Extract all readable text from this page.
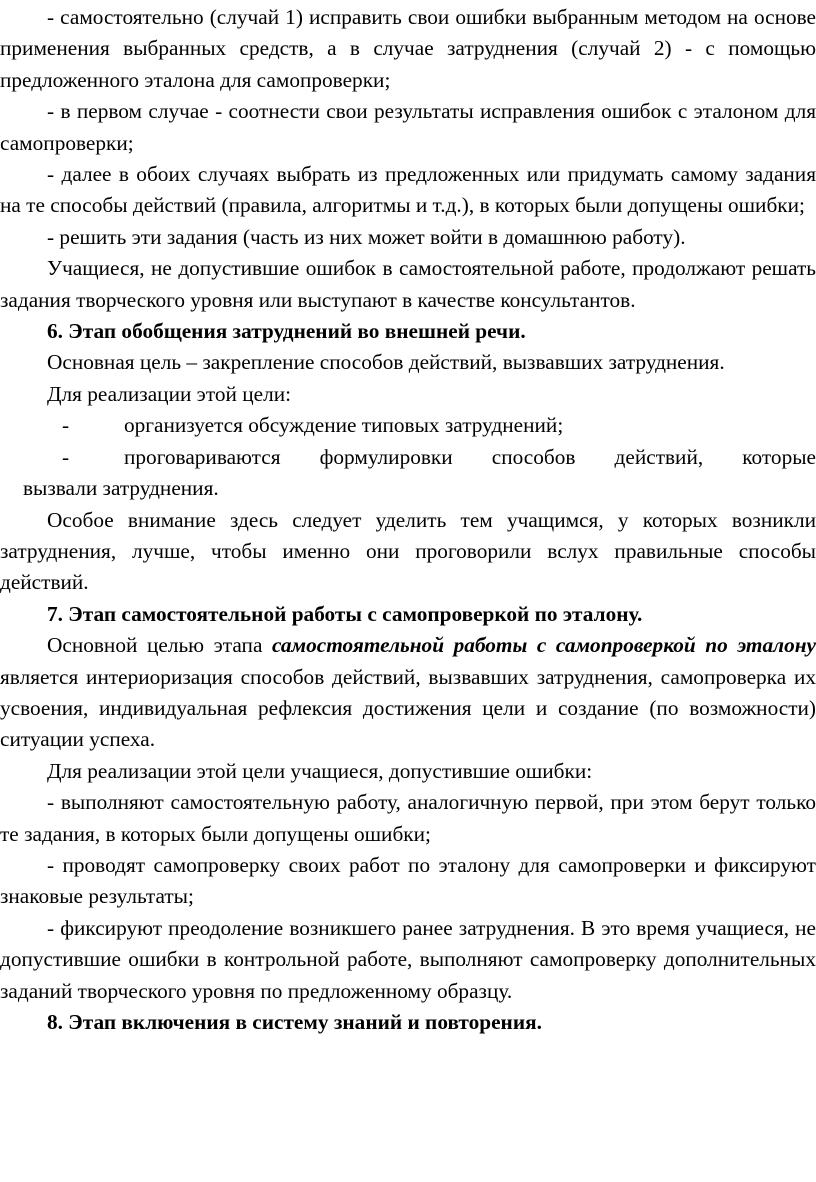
- самостоятельно (случай 1) исправить свои ошибки выбранным методом на основе применения выбранных средств, а в случае затруднения (случай 2) - с помощью предложенного эталона для самопроверки;

- в первом случае - соотнести свои результаты исправления ошибок с эталоном для самопроверки;

- далее в обоих случаях выбрать из предложенных или придумать самому задания на те способы действий (правила, алгоритмы и т.д.), в которых были допущены ошибки;

- решить эти задания (часть из них может войти в домашнюю работу).

Учащиеся, не допустившие ошибок в самостоятельной работе, продолжают решать задания творческого уровня или выступают в качестве консультантов.

6. Этап обобщения затруднений во внешней речи.

Основная цель – закрепление способов действий, вызвавших затруднения.

Для реализации этой цели:

-	организуется обсуждение типовых затруднений;
-	проговариваются формулировки способов действий, которые

вызвали затруднения.

Особое внимание здесь следует уделить тем учащимся, у которых возникли затруднения, лучше, чтобы именно они проговорили вслух правильные способы действий.

7. Этап самостоятельной работы с самопроверкой по эталону.

Основной целью этапа самостоятельной работы с самопроверкой по эталону является интериоризация способов действий, вызвавших затруднения, самопроверка их усвоения, индивидуальная рефлексия достижения цели и создание (по возможности) ситуации успеха.

Для реализации этой цели учащиеся, допустившие ошибки:

- выполняют самостоятельную работу, аналогичную первой, при этом берут только те задания, в которых были допущены ошибки;

- проводят самопроверку своих работ по эталону для самопроверки и фиксируют знаковые результаты;

- фиксируют преодоление возникшего ранее затруднения. В это время учащиеся, не допустившие ошибки в контрольной работе, выполняют самопроверку дополнительных заданий творческого уровня по предложенному образцу.

8. Этап включения в систему знаний и повторения.
